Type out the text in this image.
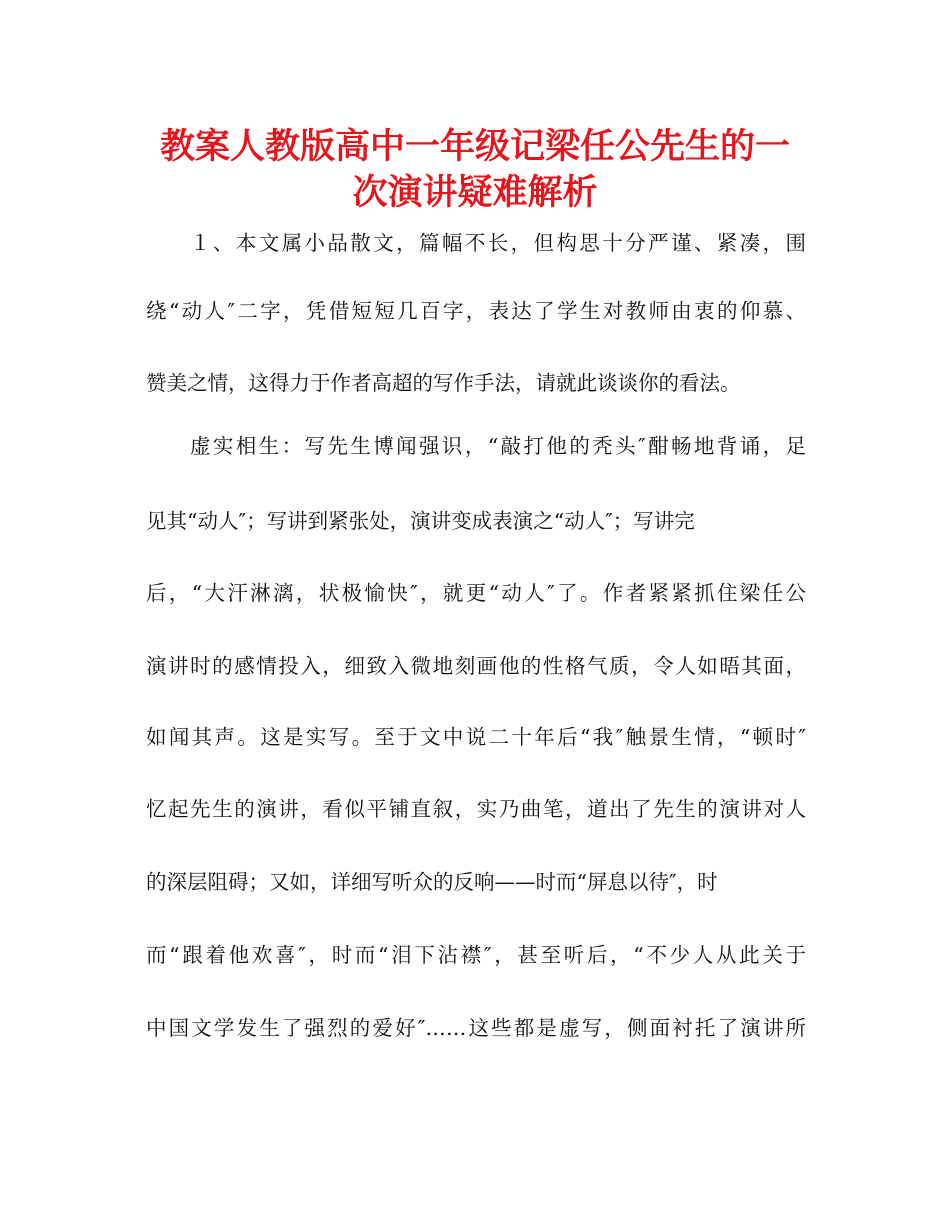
教案人教版高中一年级记梁任公先生的一
次演讲疑难解析

１、本文属小品散文，篇幅不长，但构思十分严谨、紧凑，围

绕“动人″二字，凭借短短几百字，表达了学生对教师由衷的仰慕、

赞美之情，这得力于作者高超的写作手法，请就此谈谈你的看法。

虚实相生：写先生博闻强识，“敲打他的秃头″酣畅地背诵，足

见其“动人″；写讲到紧张处，演讲变成表演之“动人″；写讲完

后，“大汗淋漓，状极愉快″，就更“动人″了。作者紧紧抓住梁任公

演讲时的感情投入，细致入微地刻画他的性格气质，令人如晤其面，

如闻其声。这是实写。至于文中说二十年后“我″触景生情，“顿时″

忆起先生的演讲，看似平铺直叙，实乃曲笔，道出了先生的演讲对人

的深层阻碍；又如，详细写听众的反响——时而“屏息以待″，时

而“跟着他欢喜″，时而“泪下沾襟″，甚至听后，“不少人从此关于

中国文学发生了强烈的爱好″……这些都是虚写，侧面衬托了演讲所
